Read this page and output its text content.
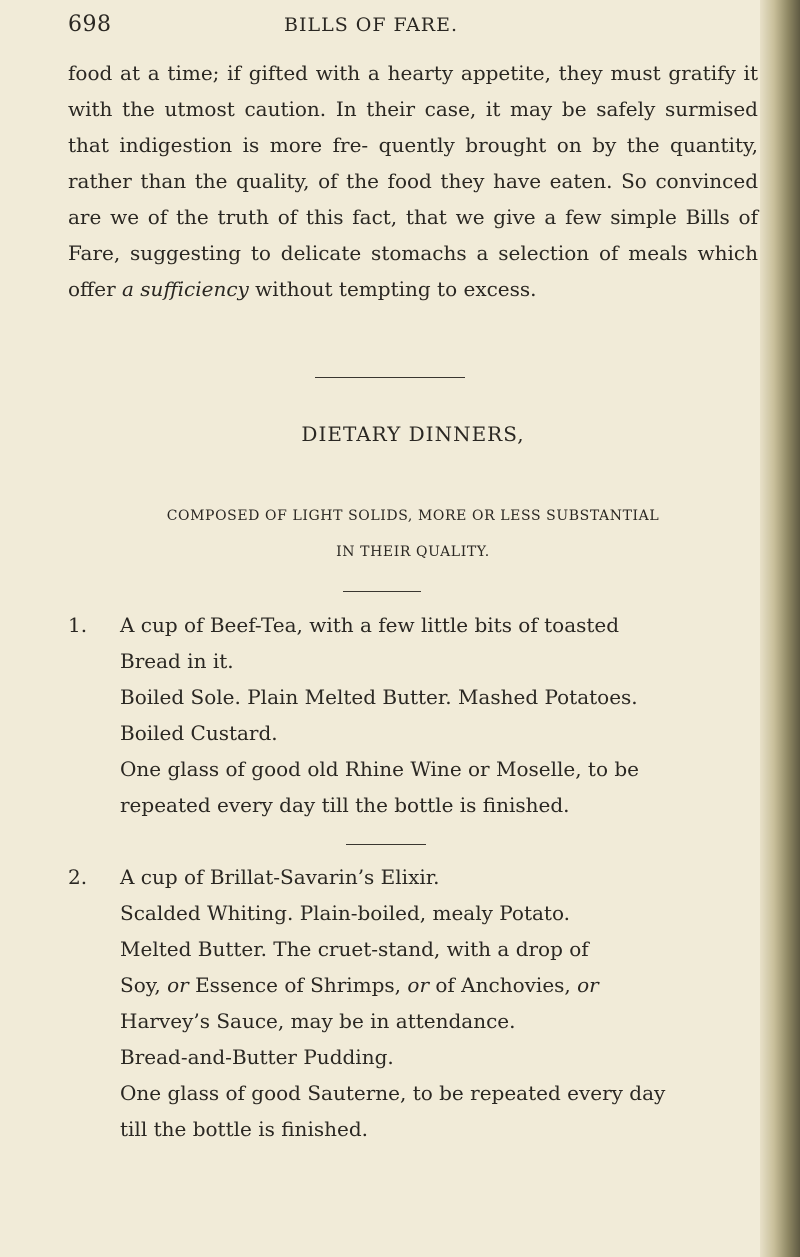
698	BILLS OF FARE.

food at a time; if gifted with a hearty appetite, they must gratify it with the utmost caution. In their case, it may be safely surmised that indigestion is more fre- quently brought on by the quantity, rather than the quality, of the food they have eaten. So convinced are we of the truth of this fact, that we give a few simple Bills of Fare, suggesting to delicate stomachs a selection of meals which offer a sufficiency without tempting to excess.

DIETARY DINNERS,
COMPOSED OF LIGHT SOLIDS, MORE OR LESS SUBSTANTIAL
IN THEIR QUALITY.
1. A cup of Beef-Tea, with a few little bits of toasted
Bread in it.
Boiled Sole. Plain Melted Butter. Mashed Potatoes.
Boiled Custard.
One glass of good old Rhine Wine or Moselle, to be
repeated every day till the bottle is finished.
2. A cup of Brillat-Savarin’s Elixir.
Scalded Whiting. Plain-boiled, mealy Potato.
Melted Butter. The cruet-stand, with a drop of
Soy, or Essence of Shrimps, or of Anchovies, or
Harvey’s Sauce, may be in attendance.
Bread-and-Butter Pudding.
One glass of good Sauterne, to be repeated every day
till the bottle is finished.
